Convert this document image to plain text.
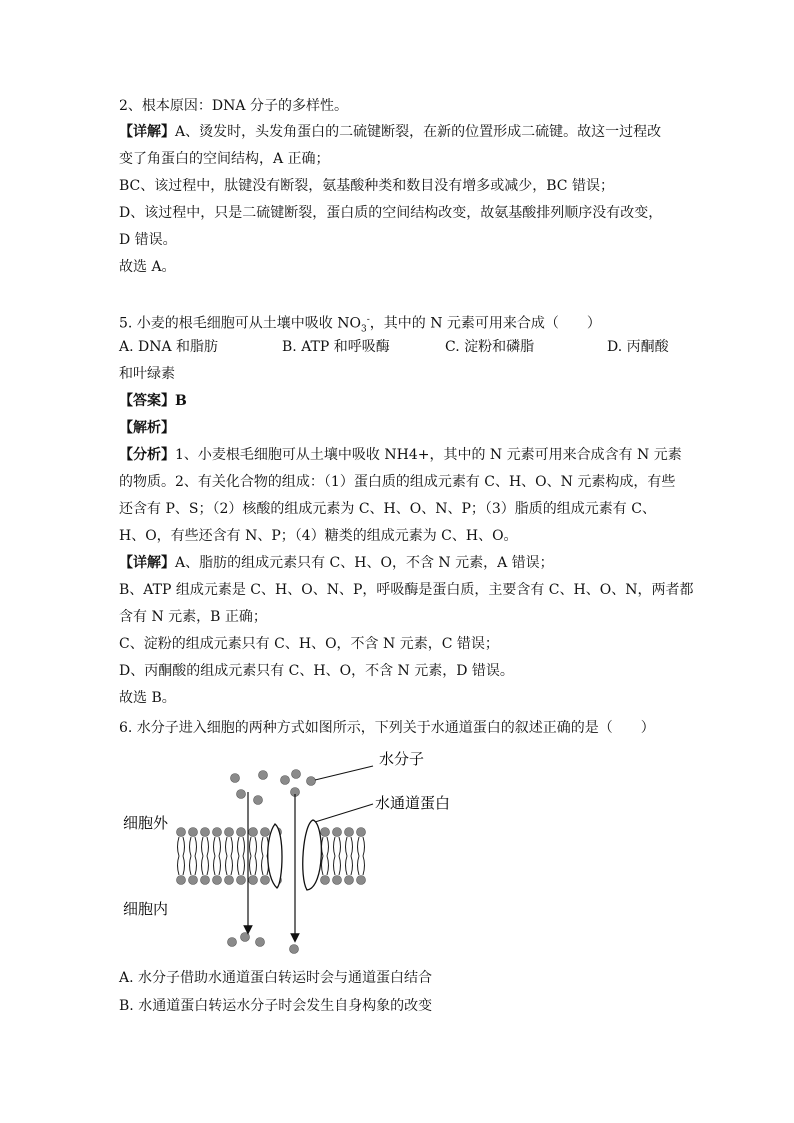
2、根本原因：DNA 分子的多样性。
【详解】A、烫发时，头发角蛋白的二硫键断裂，在新的位置形成二硫键。故这一过程改
变了角蛋白的空间结构，A 正确；
BC、该过程中，肽键没有断裂，氨基酸种类和数目没有增多或减少，BC 错误；
D、该过程中，只是二硫键断裂，蛋白质的空间结构改变，故氨基酸排列顺序没有改变，
D 错误。
故选 A。
5. 小麦的根毛细胞可从土壤中吸收 $NO_3^-$，其中的 N 元素可用来合成（　　）
A. DNA 和脂肪	B. ATP 和呼吸酶	C. 淀粉和磷脂	D. 丙酮酸
和叶绿素
【答案】B
【解析】
【分析】1、小麦根毛细胞可从土壤中吸收 NH4+，其中的 N 元素可用来合成含有 N 元素
的物质。2、有关化合物的组成：（1）蛋白质的组成元素有 C、H、O、N 元素构成，有些
还含有 P、S；（2）核酸的组成元素为 C、H、O、N、P；（3）脂质的组成元素有 C、
H、O，有些还含有 N、P；（4）糖类的组成元素为 C、H、O。
【详解】A、脂肪的组成元素只有 C、H、O，不含 N 元素，A 错误；
B、ATP 组成元素是 C、H、O、N、P，呼吸酶是蛋白质，主要含有 C、H、O、N，两者都
含有 N 元素，B 正确；
C、淀粉的组成元素只有 C、H、O，不含 N 元素，C 错误；
D、丙酮酸的组成元素只有 C、H、O，不含 N 元素，D 错误。
故选 B。
6. 水分子进入细胞的两种方式如图所示，下列关于水通道蛋白的叙述正确的是（　　）
水分子
水通道蛋白
细胞外
细胞内
A. 水分子借助水通道蛋白转运时会与通道蛋白结合
B. 水通道蛋白转运水分子时会发生自身构象的改变
